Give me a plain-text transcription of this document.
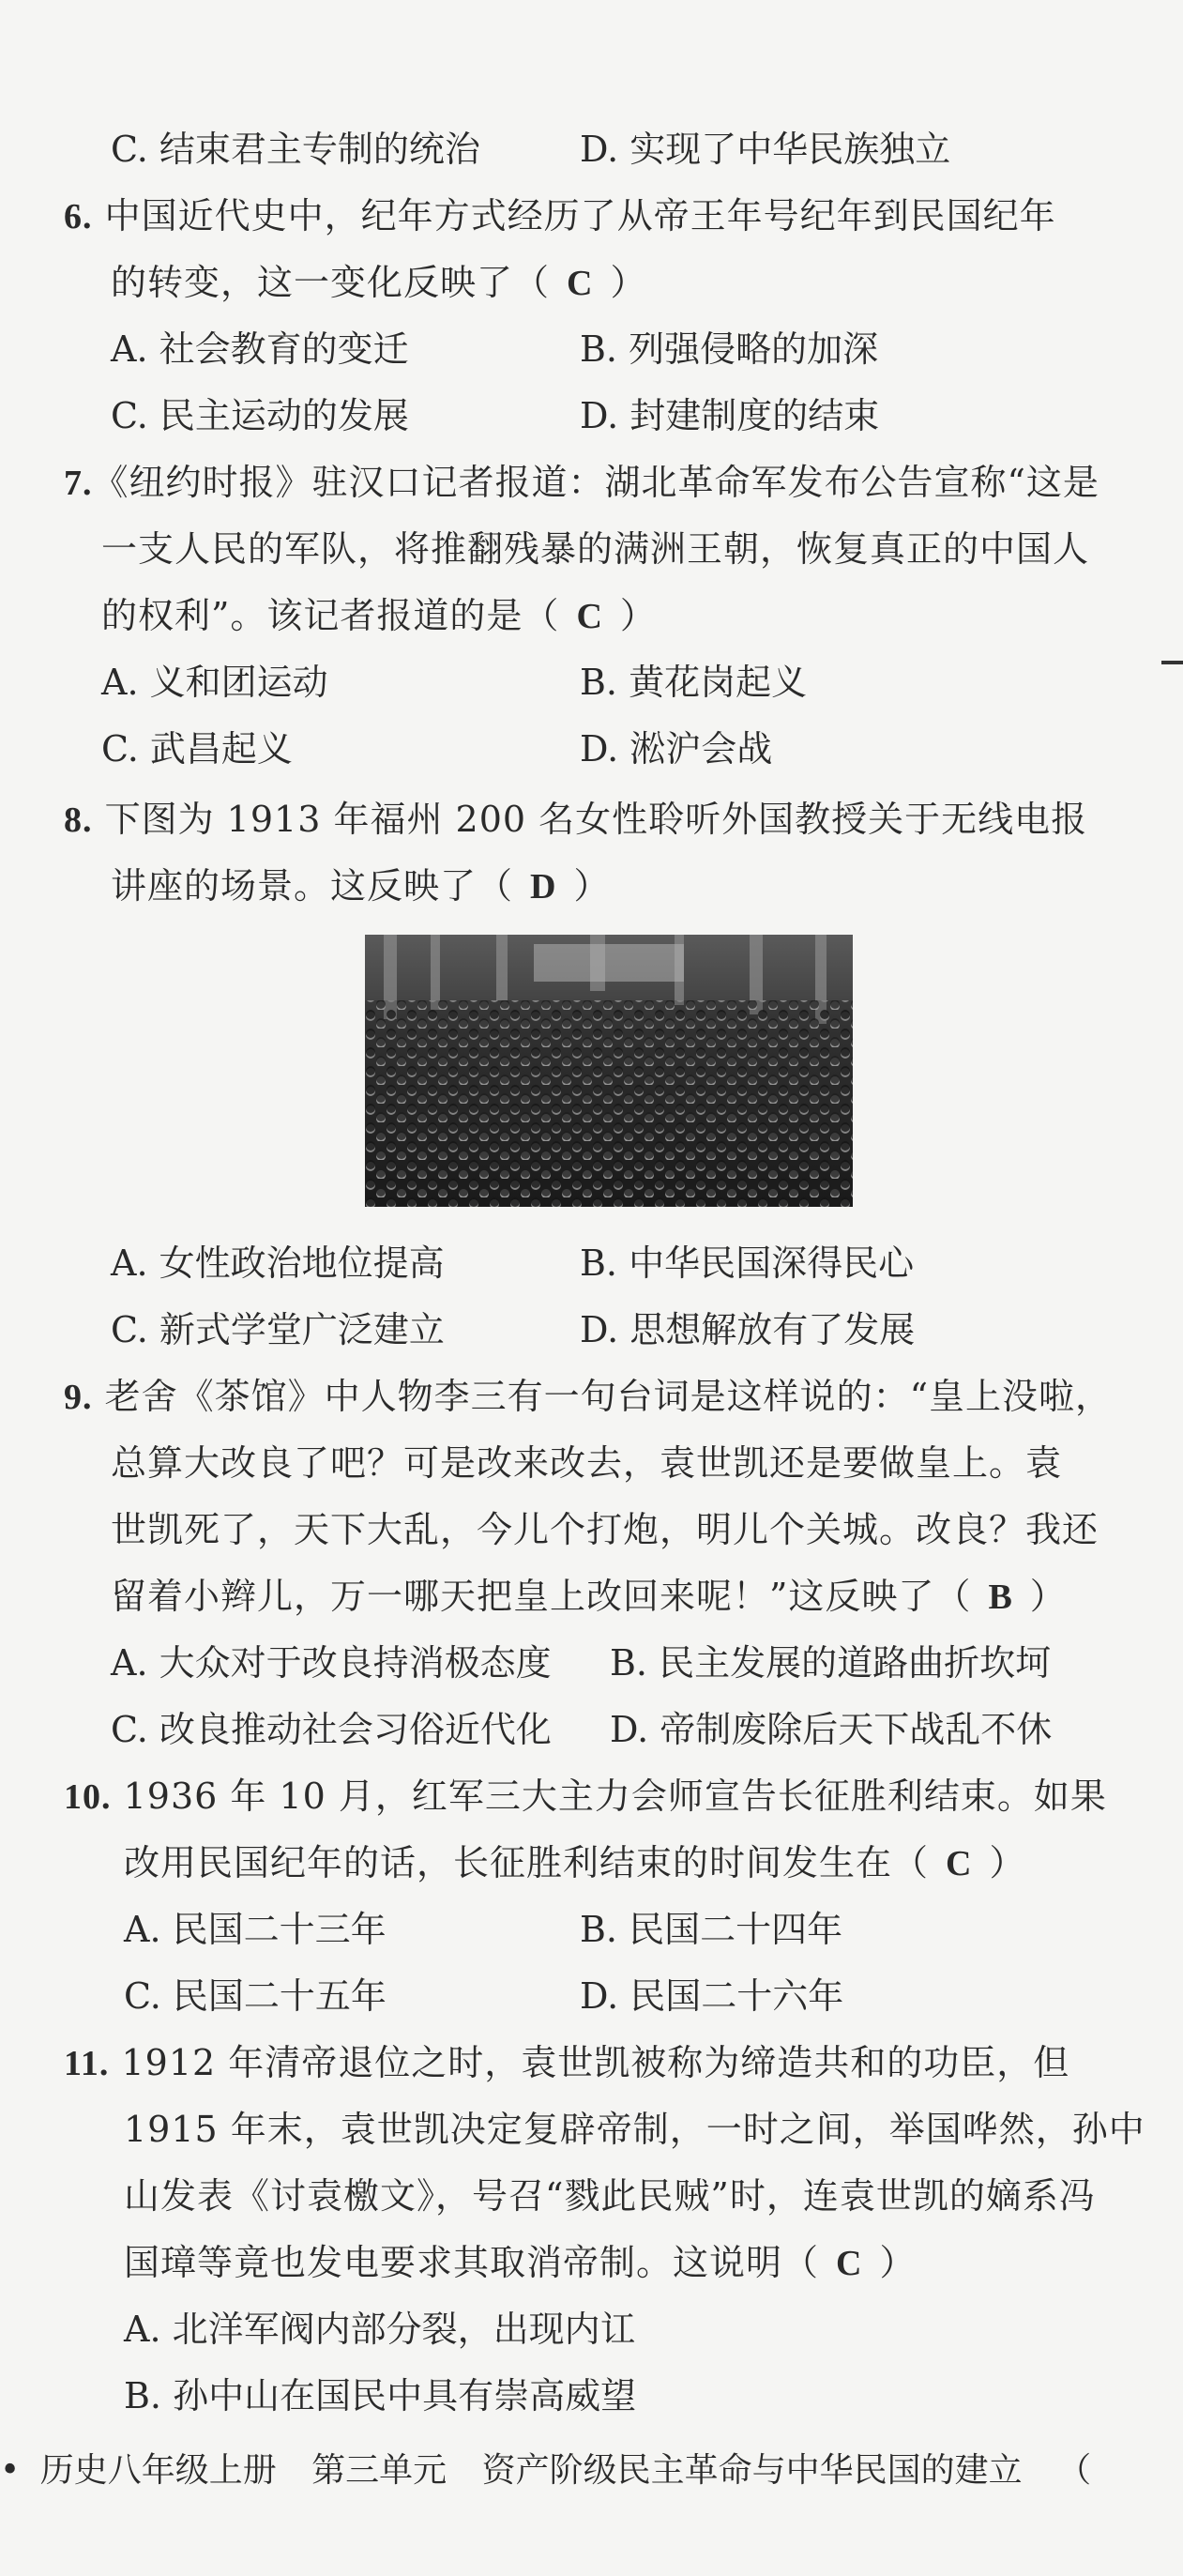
C. 结束君主专制的统治	D. 实现了中华民族独立
6. 中国近代史中，纪年方式经历了从帝王年号纪年到民国纪年
的转变，这一变化反映了（ C ）
A. 社会教育的变迁	B. 列强侵略的加深
C. 民主运动的发展	D. 封建制度的结束
7.《纽约时报》驻汉口记者报道：湖北革命军发布公告宣称“这是
一支人民的军队，将推翻残暴的满洲王朝，恢复真正的中国人
的权利”。该记者报道的是（ C ）
A. 义和团运动	B. 黄花岗起义
C. 武昌起义	D. 淞沪会战
8. 下图为 1913 年福州 200 名女性聆听外国教授关于无线电报
讲座的场景。这反映了（ D ）
A. 女性政治地位提高	B. 中华民国深得民心
C. 新式学堂广泛建立	D. 思想解放有了发展
9. 老舍《茶馆》中人物李三有一句台词是这样说的：“皇上没啦，
总算大改良了吧？可是改来改去，袁世凯还是要做皇上。袁
世凯死了，天下大乱，今儿个打炮，明儿个关城。改良？我还
留着小辫儿，万一哪天把皇上改回来呢！”这反映了（ B ）
A. 大众对于改良持消极态度 B. 民主发展的道路曲折坎坷
C. 改良推动社会习俗近代化 D. 帝制废除后天下战乱不休
10. 1936 年 10 月，红军三大主力会师宣告长征胜利结束。如果
改用民国纪年的话，长征胜利结束的时间发生在（ C ）
A. 民国二十三年	B. 民国二十四年
C. 民国二十五年	D. 民国二十六年
11. 1912 年清帝退位之时，袁世凯被称为缔造共和的功臣，但
1915 年末，袁世凯决定复辟帝制，一时之间，举国哗然，孙中
山发表《讨袁檄文》，号召“戮此民贼”时，连袁世凯的嫡系冯
国璋等竟也发电要求其取消帝制。这说明（ C ）
A. 北洋军阀内部分裂，出现内讧
B. 孙中山在国民中具有崇高威望
• 历史八年级上册 第三单元 资产阶级民主革命与中华民国的建立 （
